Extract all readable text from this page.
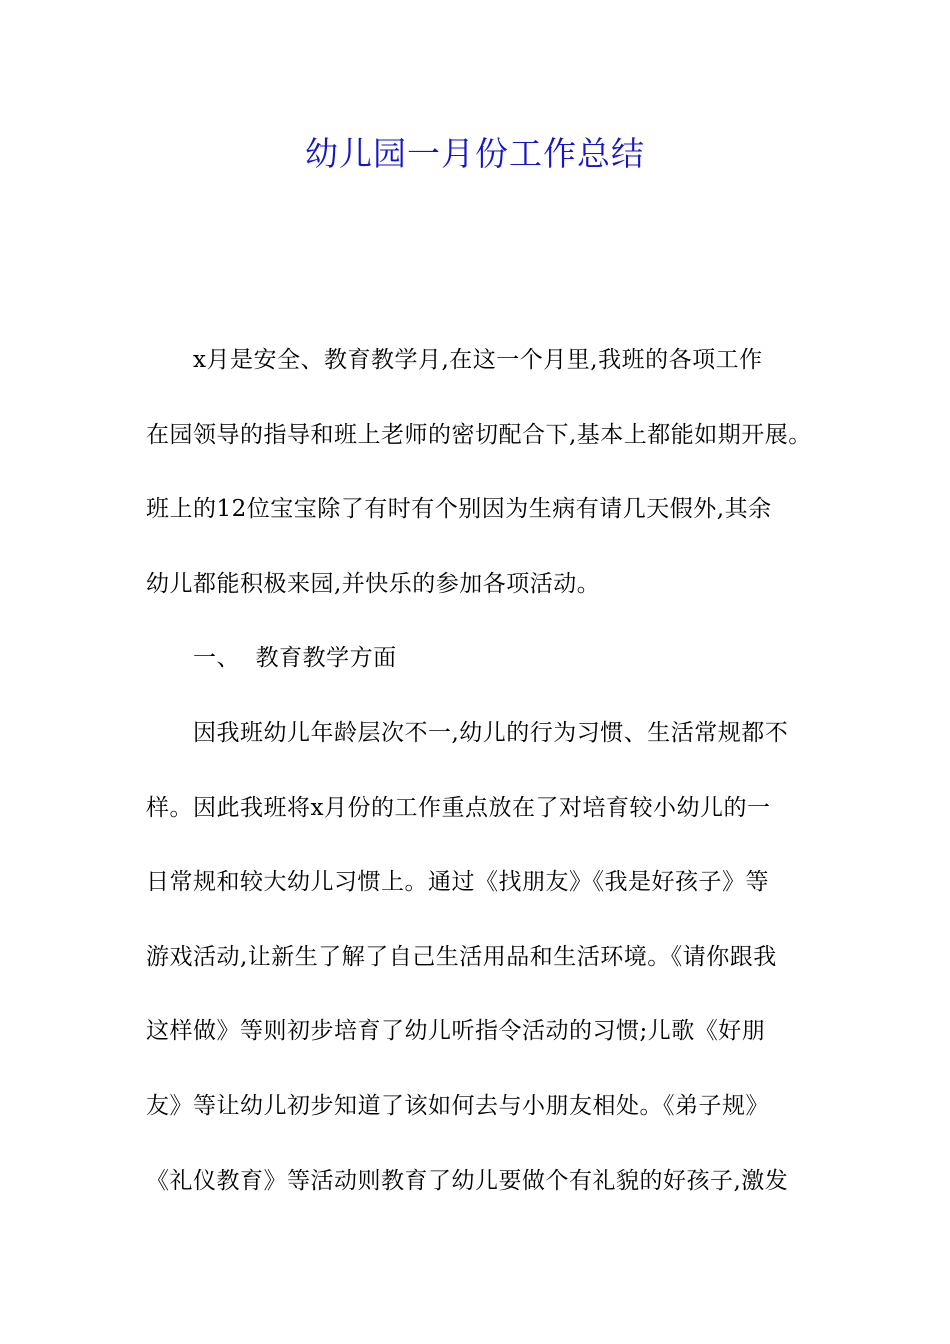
幼儿园一月份工作总结
x月是安全、教育教学月,在这一个月里,我班的各项工作
在园领导的指导和班上老师的密切配合下,基本上都能如期开展。
班上的12位宝宝除了有时有个别因为生病有请几天假外,其余
幼儿都能积极来园,并快乐的参加各项活动。
一、  教育教学方面
因我班幼儿年龄层次不一,幼儿的行为习惯、生活常规都不
样。因此我班将x月份的工作重点放在了对培育较小幼儿的一
日常规和较大幼儿习惯上。通过《找朋友》《我是好孩子》等
游戏活动,让新生了解了自己生活用品和生活环境。《请你跟我
这样做》等则初步培育了幼儿听指令活动的习惯;儿歌《好朋
友》等让幼儿初步知道了该如何去与小朋友相处。《弟子规》
《礼仪教育》等活动则教育了幼儿要做个有礼貌的好孩子,激发
